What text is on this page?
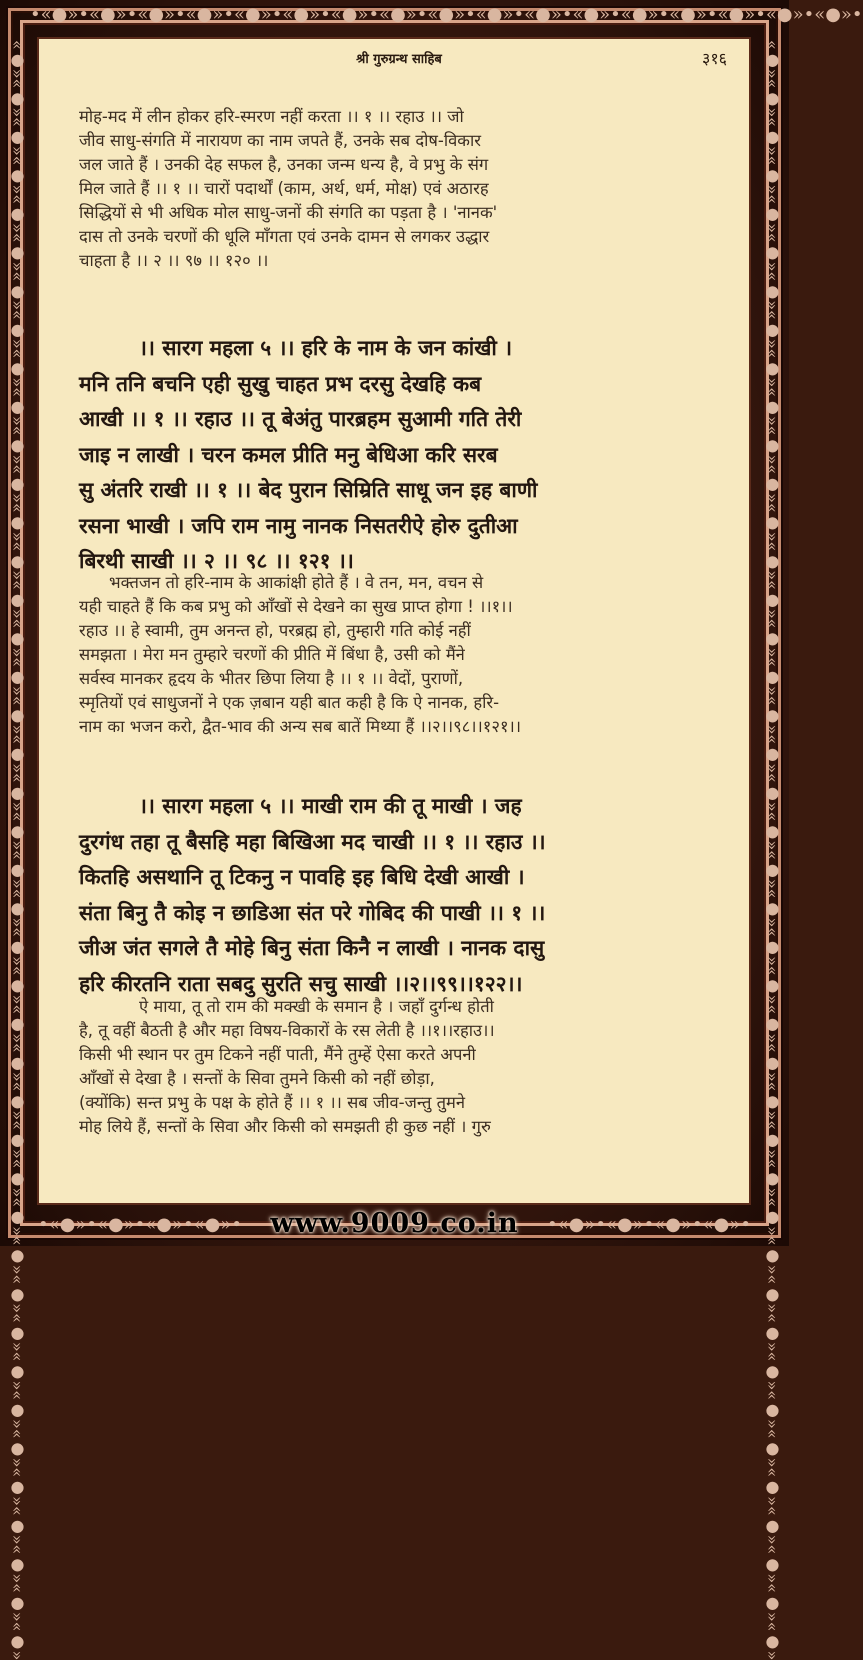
•«●»•«●»•«●»•«●»•«●»•«●»•«●»•«●»•«●»•«●»•«●»•«●»•«●»•«●»•«●»•«●»•«●»•
•«●»•«●»•«●»•«●»•	•«●»•«●»•«●»•«●»•
«●»«●»«●»«●»«●»«●»«●»«●»«●»«●»«●»«●»«●»«●»«●»«●»«●»«●»«●»«●»«●»«●»«●»«●»«●»«●»«●»«●»«●»«●»«●»«●»«●»«●»«●»«●»«●»«●»«●»«●»«●»«●»	«●»«●»«●»«●»«●»«●»«●»«●»«●»«●»«●»«●»«●»«●»«●»«●»«●»«●»«●»«●»«●»«●»«●»«●»«●»«●»«●»«●»«●»«●»«●»«●»«●»«●»«●»«●»«●»«●»«●»«●»«●»«●»
www.9009.co.in
श्री गुरुग्रन्थ साहिब	३१६
मोह-मद में लीन होकर हरि-स्मरण नहीं करता ।। १ ।। रहाउ ।। जो
जीव साधु-संगति में नारायण का नाम जपते हैं, उनके सब दोष-विकार
जल जाते हैं । उनकी देह सफल है, उनका जन्म धन्य है, वे प्रभु के संग
मिल जाते हैं ।। १ ।। चारों पदार्थों (काम, अर्थ, धर्म, मोक्ष) एवं अठारह
सिद्धियों से भी अधिक मोल साधु-जनों की संगति का पड़ता है । 'नानक'
दास तो उनके चरणों की धूलि माँगता एवं उनके दामन से लगकर उद्धार
चाहता है ।। २ ।। ९७ ।। १२० ।।
।। सारग महला ५ ।। हरि के नाम के जन कांखी ।
मनि तनि बचनि एही सुखु चाहत प्रभ दरसु देखहि कब
आखी ।। १ ।। रहाउ ।। तू बेअंतु पारब्रहम सुआमी गति तेरी
जाइ न लाखी । चरन कमल प्रीति मनु बेधिआ करि सरब
सु अंतरि राखी ।। १ ।। बेद पुरान सिम्रिति साधू जन इह बाणी
रसना भाखी । जपि राम नामु नानक निसतरीऐ होरु दुतीआ
बिरथी साखी ।। २ ।। ९८ ।। १२१ ।।
भक्तजन तो हरि-नाम के आकांक्षी होते हैं । वे तन, मन, वचन से
यही चाहते हैं कि कब प्रभु को आँखों से देखने का सुख प्राप्त होगा ! ।।१।।
रहाउ ।। हे स्वामी, तुम अनन्त हो, परब्रह्म हो, तुम्हारी गति कोई नहीं
समझता । मेरा मन तुम्हारे चरणों की प्रीति में बिंधा है, उसी को मैंने
सर्वस्व मानकर हृदय के भीतर छिपा लिया है ।। १ ।। वेदों, पुराणों,
स्मृतियों एवं साधुजनों ने एक ज़बान यही बात कही है कि ऐ नानक, हरि-
नाम का भजन करो, द्वैत-भाव की अन्य सब बातें मिथ्या हैं ।।२।।९८।।१२१।।
।। सारग महला ५ ।। माखी राम की तू माखी । जह
दुरगंध तहा तू बैसहि महा बिखिआ मद चाखी ।। १ ।। रहाउ ।।
कितहि असथानि तू टिकनु न पावहि इह बिधि देखी आखी ।
संता बिनु तै कोइ न छाडिआ संत परे गोबिद की पाखी ।। १ ।।
जीअ जंत सगले तै मोहे बिनु संता किनै न लाखी । नानक दासु
हरि कीरतनि राता सबदु सुरति सचु साखी ।।२।।९९।।१२२।।
ऐ माया, तू तो राम की मक्खी के समान है । जहाँ दुर्गन्ध होती
है, तू वहीं बैठती है और महा विषय-विकारों के रस लेती है ।।१।।रहाउ।।
किसी भी स्थान पर तुम टिकने नहीं पाती, मैंने तुम्हें ऐसा करते अपनी
आँखों से देखा है । सन्तों के सिवा तुमने किसी को नहीं छोड़ा,
(क्योंकि) सन्त प्रभु के पक्ष के होते हैं ।। १ ।। सब जीव-जन्तु तुमने
मोह लिये हैं, सन्तों के सिवा और किसी को समझती ही कुछ नहीं । गुरु
